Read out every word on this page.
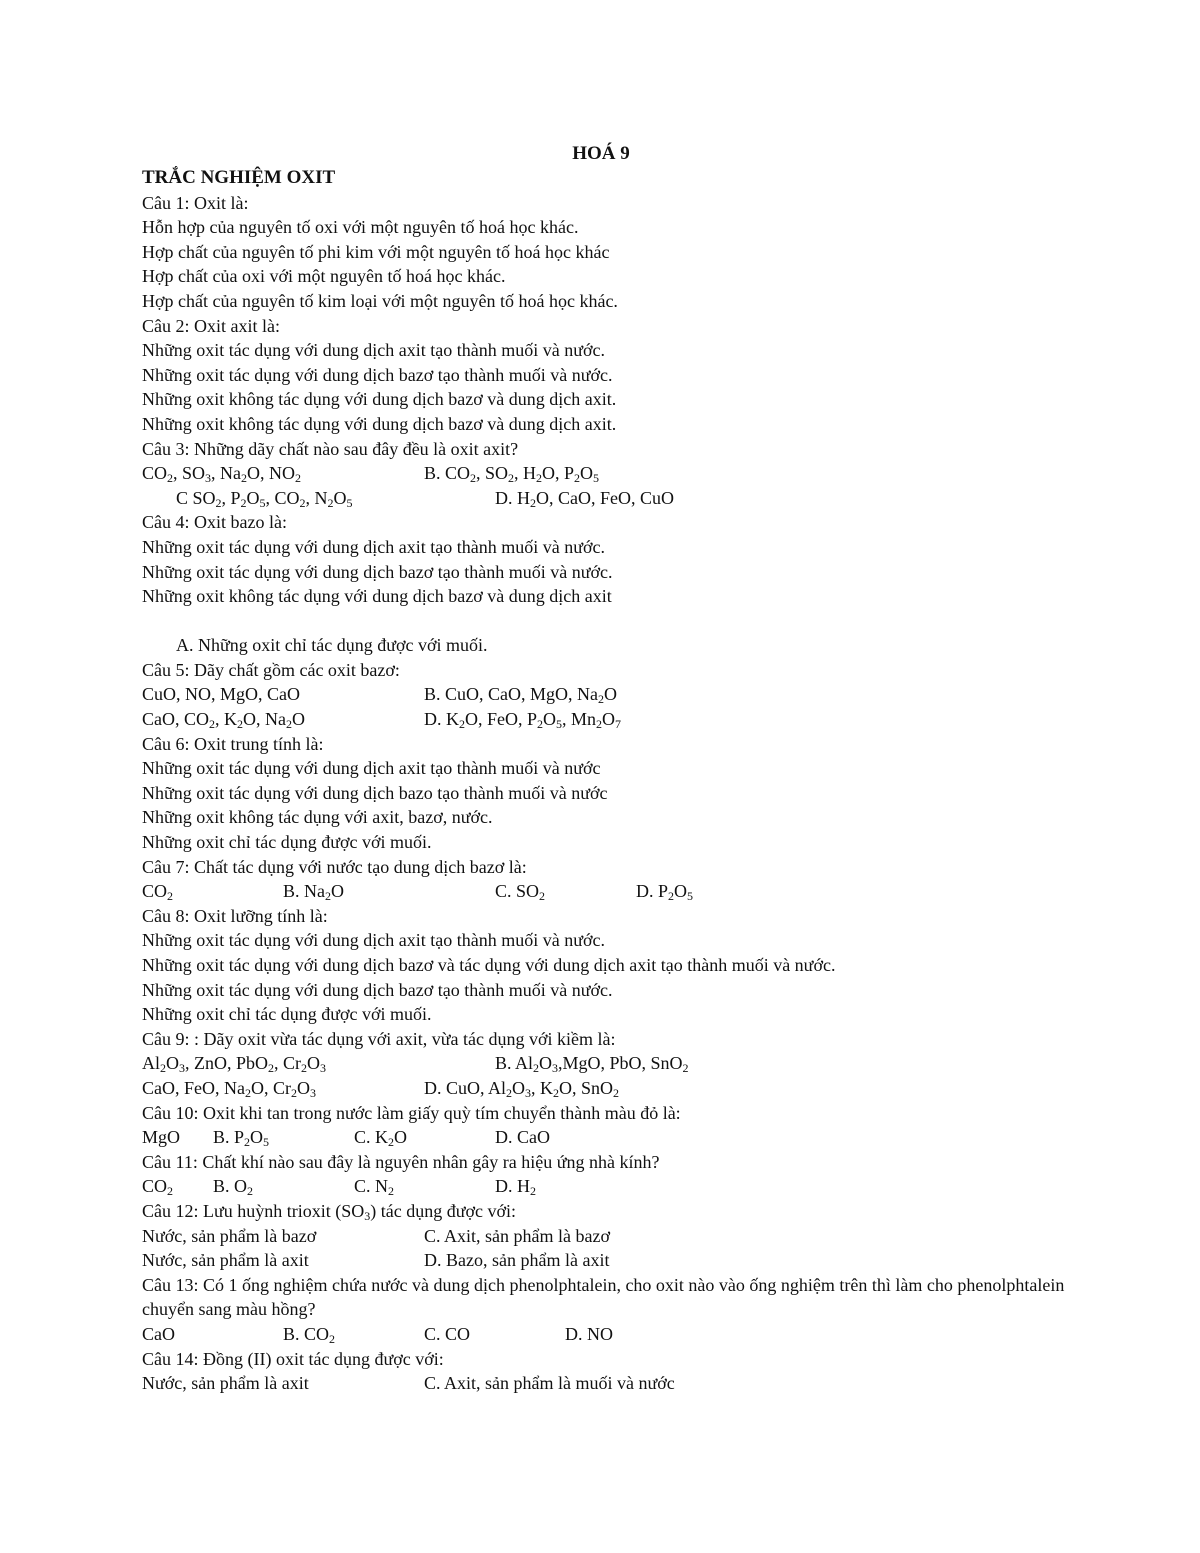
HOÁ 9
TRẮC NGHIỆM OXIT
Câu 1: Oxit là:
Hỗn hợp của nguyên tố oxi với một nguyên tố hoá học khác.
Hợp chất của nguyên tố phi kim với một nguyên tố hoá học khác
Hợp chất của oxi với một nguyên tố hoá học khác.
Hợp chất của nguyên tố kim loại với một nguyên tố hoá học khác.
Câu 2: Oxit axit là:
Những oxit tác dụng với dung dịch axit tạo thành muối và nước.
Những oxit tác dụng với dung dịch bazơ tạo thành muối và nước.
Những oxit không tác dụng với dung dịch bazơ và dung dịch axit.
Những oxit không tác dụng với dung dịch bazơ và dung dịch axit.
Câu 3: Những dãy chất nào sau đây đều là oxit axit?
$CO_2$, $SO_3$, $Na_2O$, $NO_2$	B. $CO_2$, $SO_2$, $H_2O$, $P_2O_5$
C $SO_2$, $P_2O_5$, $CO_2$, $N_2O_5$	D. $H_2O$, CaO, FeO, CuO
Câu 4: Oxit bazo là:
Những oxit tác dụng với dung dịch axit tạo thành muối và nước.
Những oxit tác dụng với dung dịch bazơ tạo thành muối và nước.
Những oxit không tác dụng với dung dịch bazơ và dung dịch axit
A. Những oxit chỉ tác dụng được với muối.
Câu 5: Dãy chất gồm các oxit bazơ:
CuO, NO, MgO, CaO	B. CuO, CaO, MgO, $Na_2O$
CaO, $CO_2$, $K_2O$, $Na_2O$	D. $K_2O$, FeO, $P_2O_5$, $Mn_2O_7$
Câu 6: Oxit trung tính là:
Những oxit tác dụng với dung dịch axit tạo thành muối và nước
Những oxit tác dụng với dung dịch bazo tạo thành muối và nước
Những oxit không tác dụng với axit, bazơ, nước.
Những oxit chỉ tác dụng được với muối.
Câu 7: Chất tác dụng với nước tạo dung dịch bazơ là:
$CO_2$	B. $Na_2O$	C. $SO_2$	D. $P_2O_5$
Câu 8: Oxit lưỡng tính là:
Những oxit tác dụng với dung dịch axit tạo thành muối và nước.
Những oxit tác dụng với dung dịch bazơ và tác dụng với dung dịch axit tạo thành muối và nước.
Những oxit tác dụng với dung dịch bazơ tạo thành muối và nước.
Những oxit chỉ tác dụng được với muối.
Câu 9: : Dãy oxit vừa tác dụng với axit, vừa tác dụng với kiềm là:
$Al_2O_3$, ZnO, PbO$_2$, $Cr_2O_3$	B. $Al_2O_3,MgO$, PbO, SnO$_2$
CaO, FeO, $Na_2O$, $Cr_2O_3$	D. CuO, $Al_2O_3$, $K_2O$, SnO$_2$
Câu 10: Oxit khi tan trong nước làm giấy quỳ tím chuyển thành màu đỏ là:
MgO B. $P_2O_5$	C. $K_2O$	D. CaO
Câu 11: Chất khí nào sau đây là nguyên nhân gây ra hiệu ứng nhà kính?
$CO_2$ B. $O_2$	C. $N_2$	D. $H_2$
Câu 12: Lưu huỳnh trioxit $(SO_3)$ tác dụng được với:
Nước, sản phẩm là bazơ	C. Axit, sản phẩm là bazơ
Nước, sản phẩm là axit	D. Bazo, sản phẩm là axit
Câu 13: Có 1 ống nghiệm chứa nước và dung dịch phenolphtalein, cho oxit nào vào ống nghiệm trên thì làm cho phenolphtalein chuyển sang màu hồng?
CaO	B. $CO_2$	C. CO	D. NO
Câu 14: Đồng (II) oxit tác dụng được với:
Nước, sản phẩm là axit	C. Axit, sản phẩm là muối và nước
